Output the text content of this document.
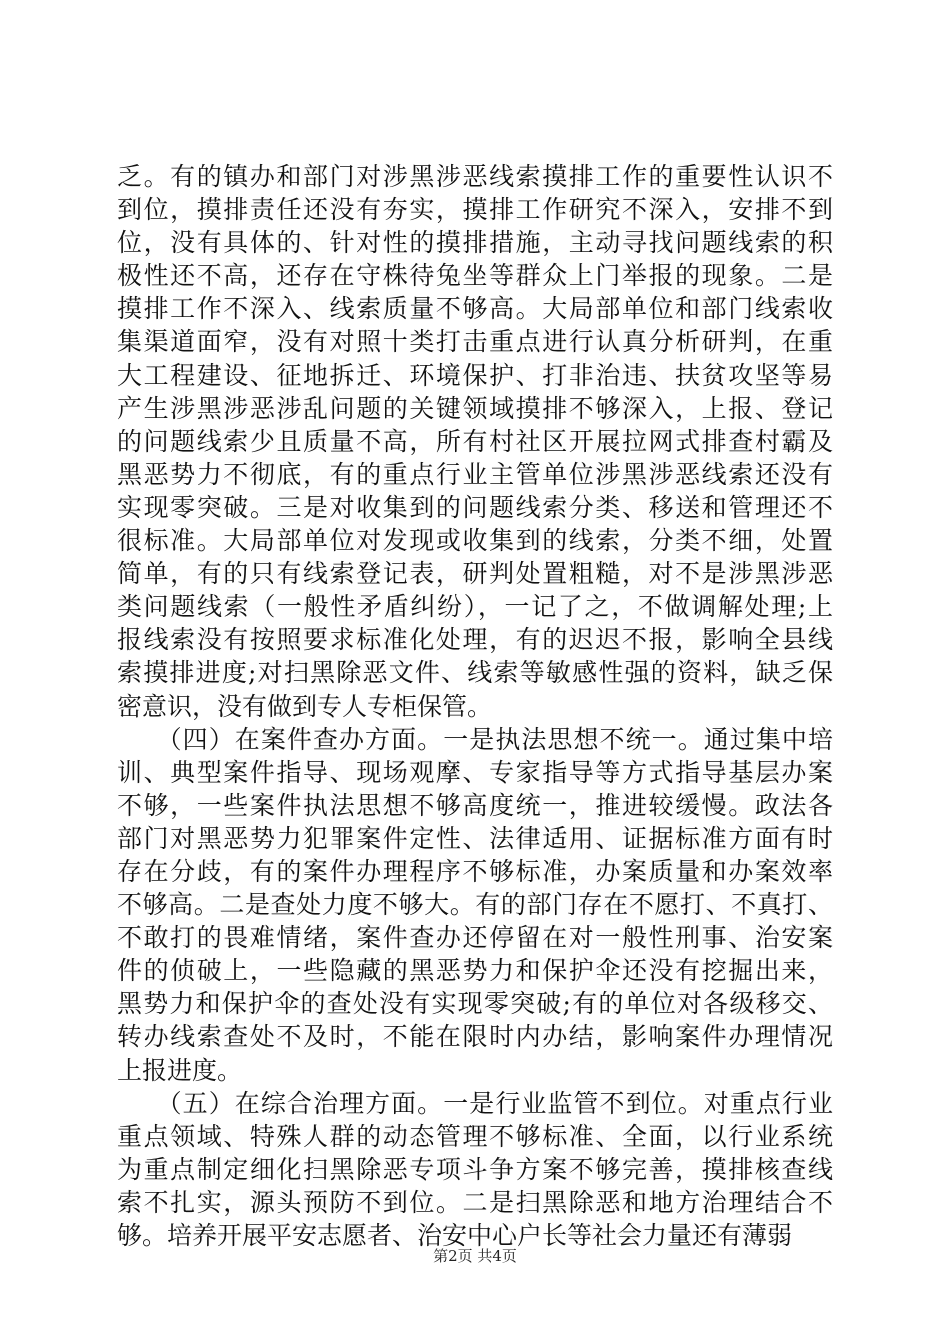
乏。有的镇办和部门对涉黑涉恶线索摸排工作的重要性认识不
到位，摸排责任还没有夯实，摸排工作研究不深入，安排不到
位，没有具体的、针对性的摸排措施，主动寻找问题线索的积
极性还不高，还存在守株待兔坐等群众上门举报的现象。二是
摸排工作不深入、线索质量不够高。大局部单位和部门线索收
集渠道面窄，没有对照十类打击重点进行认真分析研判，在重
大工程建设、征地拆迁、环境保护、打非治违、扶贫攻坚等易
产生涉黑涉恶涉乱问题的关键领域摸排不够深入，上报、登记
的问题线索少且质量不高，所有村社区开展拉网式排查村霸及
黑恶势力不彻底，有的重点行业主管单位涉黑涉恶线索还没有
实现零突破。三是对收集到的问题线索分类、移送和管理还不
很标准。大局部单位对发现或收集到的线索，分类不细，处置
简单，有的只有线索登记表，研判处置粗糙，对不是涉黑涉恶
类问题线索（一般性矛盾纠纷），一记了之，不做调解处理;上
报线索没有按照要求标准化处理，有的迟迟不报，影响全县线
索摸排进度;对扫黑除恶文件、线索等敏感性强的资料，缺乏保
密意识，没有做到专人专柜保管。
　　（四）在案件查办方面。一是执法思想不统一。通过集中培
训、典型案件指导、现场观摩、专家指导等方式指导基层办案
不够，一些案件执法思想不够高度统一，推进较缓慢。政法各
部门对黑恶势力犯罪案件定性、法律适用、证据标准方面有时
存在分歧，有的案件办理程序不够标准，办案质量和办案效率
不够高。二是查处力度不够大。有的部门存在不愿打、不真打、
不敢打的畏难情绪，案件查办还停留在对一般性刑事、治安案
件的侦破上，一些隐藏的黑恶势力和保护伞还没有挖掘出来，
黑势力和保护伞的查处没有实现零突破;有的单位对各级移交、
转办线索查处不及时，不能在限时内办结，影响案件办理情况
上报进度。
　　（五）在综合治理方面。一是行业监管不到位。对重点行业
重点领域、特殊人群的动态管理不够标准、全面，以行业系统
为重点制定细化扫黑除恶专项斗争方案不够完善，摸排核查线
索不扎实，源头预防不到位。二是扫黑除恶和地方治理结合不
够。培养开展平安志愿者、治安中心户长等社会力量还有薄弱
第2页 共4页
